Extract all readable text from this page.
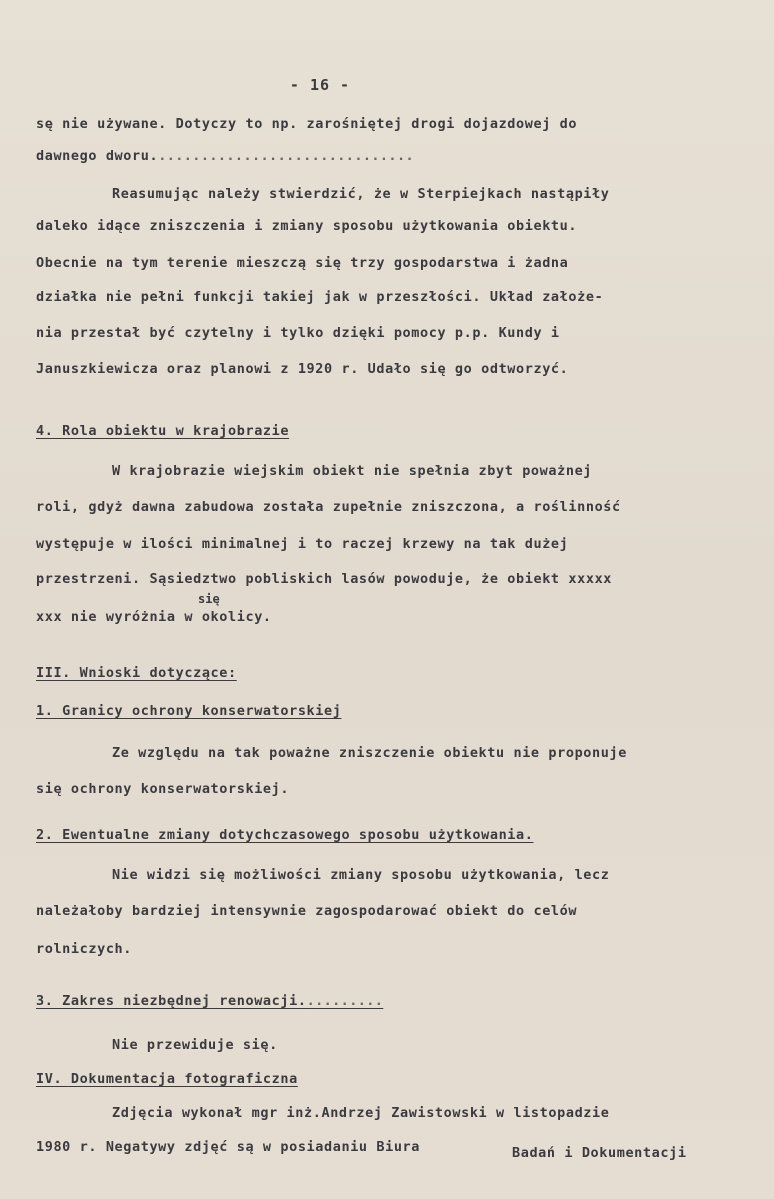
- 16 -
sę nie używane. Dotyczy to np. zarośniętej drogi dojazdowej do
dawnego dworu...............................
Reasumując należy stwierdzić, że w Sterpiejkach nastąpiły
daleko idące zniszczenia i zmiany sposobu użytkowania obiektu.
Obecnie na tym terenie mieszczą się trzy gospodarstwa i żadna
działka nie pełni funkcji takiej jak w przeszłości. Układ założe-
nia przestał być czytelny i tylko dzięki pomocy p.p. Kundy i
Januszkiewicza oraz planowi z 1920 r. Udało się go odtworzyć.
4. Rola obiektu w krajobrazie
W krajobrazie wiejskim obiekt nie spełnia zbyt poważnej
roli, gdyż dawna zabudowa została zupełnie zniszczona, a roślinność
występuje w ilości minimalnej i to raczej krzewy na tak dużej
przestrzeni. Sąsiedztwo pobliskich lasów powoduje, że obiekt xxxxx
się
xxx nie wyróżnia w okolicy.
III. Wnioski dotyczące:
1. Granicy ochrony konserwatorskiej
Ze względu na tak poważne zniszczenie obiektu nie proponuje
się ochrony konserwatorskiej.
2. Ewentualne zmiany dotychczasowego sposobu użytkowania.
Nie widzi się możliwości zmiany sposobu użytkowania, lecz
należałoby bardziej intensywnie zagospodarować obiekt do celów
rolniczych.
3. Zakres niezbędnej renowacji..........
Nie przewiduje się.
IV. Dokumentacja fotograficzna
Zdjęcia wykonał mgr inż.Andrzej Zawistowski w listopadzie
1980 r. Negatywy zdjęć są w posiadaniu Biura	Badań i Dokumentacji
